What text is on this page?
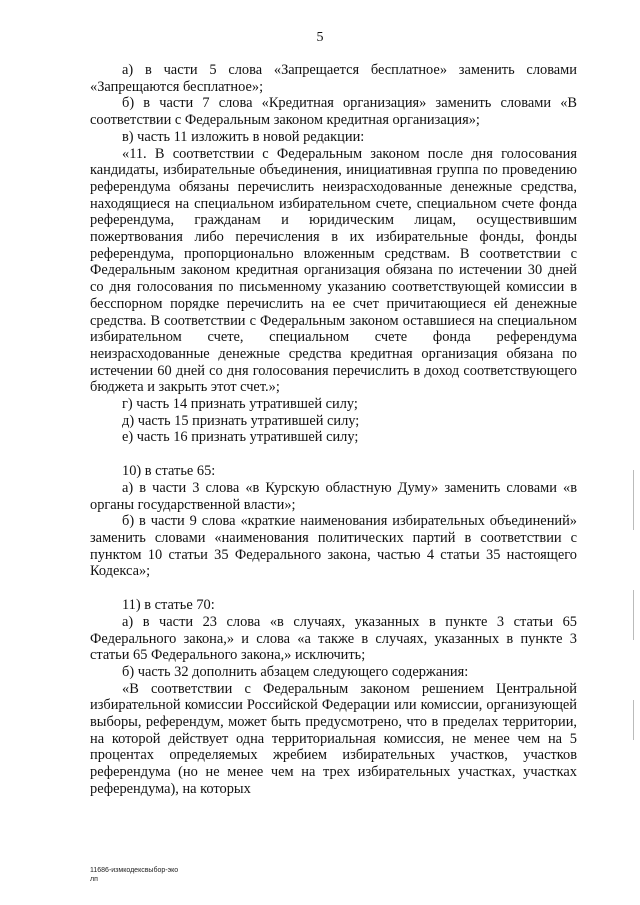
5

а) в части 5 слова «Запрещается бесплатное» заменить словами «Запрещаются бесплатное»;

б) в части 7 слова «Кредитная организация» заменить словами «В соответствии с Федеральным законом кредитная организация»;

в) часть 11 изложить в новой редакции:

«11. В соответствии с Федеральным законом после дня голосования кандидаты, избирательные объединения, инициативная группа по проведению референдума обязаны перечислить неизрасходованные денежные средства, находящиеся на специальном избирательном счете, специальном счете фонда референдума, гражданам и юридическим лицам, осуществившим пожертвования либо перечисления в их избирательные фонды, фонды референдума, пропорционально вложенным средствам. В соответствии с Федеральным законом кредитная организация обязана по истечении 30 дней со дня голосования по письменному указанию соответствующей комиссии в бесспорном порядке перечислить на ее счет причитающиеся ей денежные средства. В соответствии с Федеральным законом оставшиеся на специальном избирательном счете, специальном счете фонда референдума неизрасходованные денежные средства кредитная организация обязана по истечении 60 дней со дня голосования перечислить в доход соответствующего бюджета и закрыть этот счет.»;

г) часть 14 признать утратившей силу;

д) часть 15 признать утратившей силу;

е) часть 16 признать утратившей силу;

10) в статье 65:

а) в части 3 слова «в Курскую областную Думу» заменить словами «в органы государственной власти»;

б) в части 9 слова «краткие наименования избирательных объединений» заменить словами «наименования политических партий в соответствии с пунктом 10 статьи 35 Федерального закона, частью 4 статьи 35 настоящего Кодекса»;

11) в статье 70:

а) в части 23 слова «в случаях, указанных в пункте 3 статьи 65 Федерального закона,» и слова «а также в случаях, указанных в пункте 3 статьи 65 Федерального закона,» исключить;

б) часть 32 дополнить абзацем следующего содержания:

«В соответствии с Федеральным законом решением Центральной избирательной комиссии Российской Федерации или комиссии, организующей выборы, референдум, может быть предусмотрено, что в пределах территории, на которой действует одна территориальная комиссия, не менее чем на 5 процентах определяемых жребием избирательных участков, участков референдума (но не менее чем на трех избирательных участках, участках референдума), на которых

11686-измкодексвыбор-эко
лп
